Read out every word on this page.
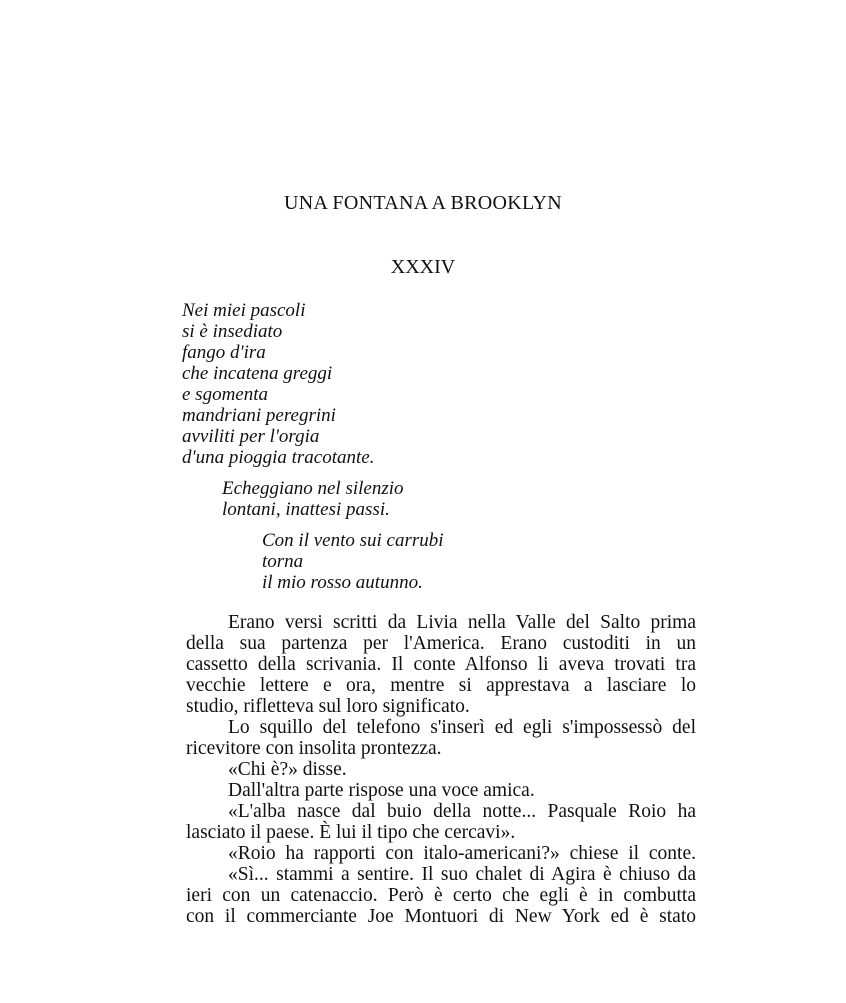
UNA FONTANA A BROOKLYN
XXXIV
Nei miei pascoli
si è insediato
fango d'ira
che incatena greggi
e sgomenta
mandriani peregrini
avviliti per l'orgia
d'una pioggia tracotante.
Echeggiano nel silenzio
lontani, inattesi passi.
Con il vento sui carrubi
torna
il mio rosso autunno.

Erano versi scritti da Livia nella Valle del Salto prima
della sua partenza per l'America. Erano custoditi in un
cassetto della scrivania. Il conte Alfonso li aveva trovati tra
vecchie lettere e ora, mentre si apprestava a lasciare lo
studio, rifletteva sul loro significato.

Lo squillo del telefono s'inserì ed egli s'impossessò del
ricevitore con insolita prontezza.

«Chi è?» disse.

Dall'altra parte rispose una voce amica.

«L'alba nasce dal buio della notte... Pasquale Roio ha
lasciato il paese. È lui il tipo che cercavi».

«Roio ha rapporti con italo-americani?» chiese il conte.

«Sì... stammi a sentire. Il suo chalet di Agira è chiuso da
ieri con un catenaccio. Però è certo che egli è in combutta
con il commerciante Joe Montuori di New York ed è stato
